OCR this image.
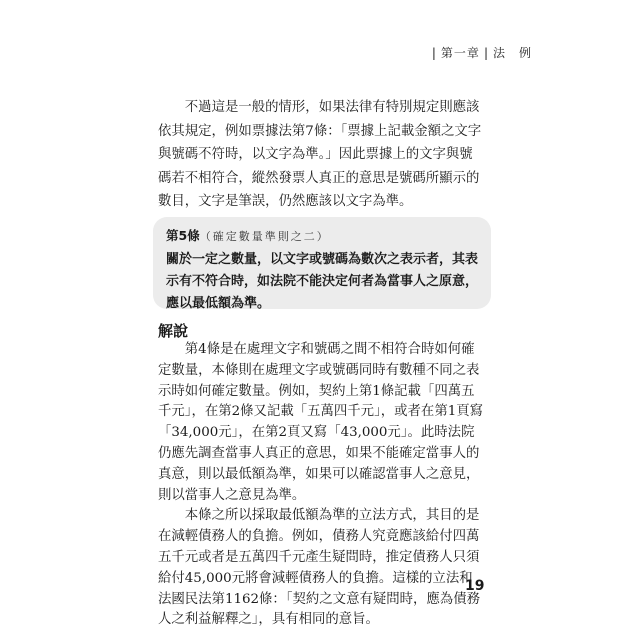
| 第一章 | 法　例

不過這是一般的情形，如果法律有特別規定則應該依其規定，例如票據法第7條：「票據上記載金額之文字與號碼不符時，以文字為準。」因此票據上的文字與號碼若不相符合，縱然發票人真正的意思是號碼所顯示的數目，文字是筆誤，仍然應該以文字為準。

第5條（確定數量準則之二）
關於一定之數量，以文字或號碼為數次之表示者，其表示有不符合時，如法院不能決定何者為當事人之原意，應以最低額為準。
解說

第4條是在處理文字和號碼之間不相符合時如何確定數量，本條則在處理文字或號碼同時有數種不同之表示時如何確定數量。例如，契約上第1條記載「四萬五千元」，在第2條又記載「五萬四千元」，或者在第1頁寫「34,000元」，在第2頁又寫「43,000元」。此時法院仍應先調查當事人真正的意思，如果不能確定當事人的真意，則以最低額為準，如果可以確認當事人之意見，則以當事人之意見為準。

本條之所以採取最低額為準的立法方式，其目的是在減輕債務人的負擔。例如，債務人究竟應該給付四萬五千元或者是五萬四千元產生疑問時，推定債務人只須給付45,000元將會減輕債務人的負擔。這樣的立法和法國民法第1162條：「契約之文意有疑問時，應為債務人之利益解釋之」，具有相同的意旨。

19
